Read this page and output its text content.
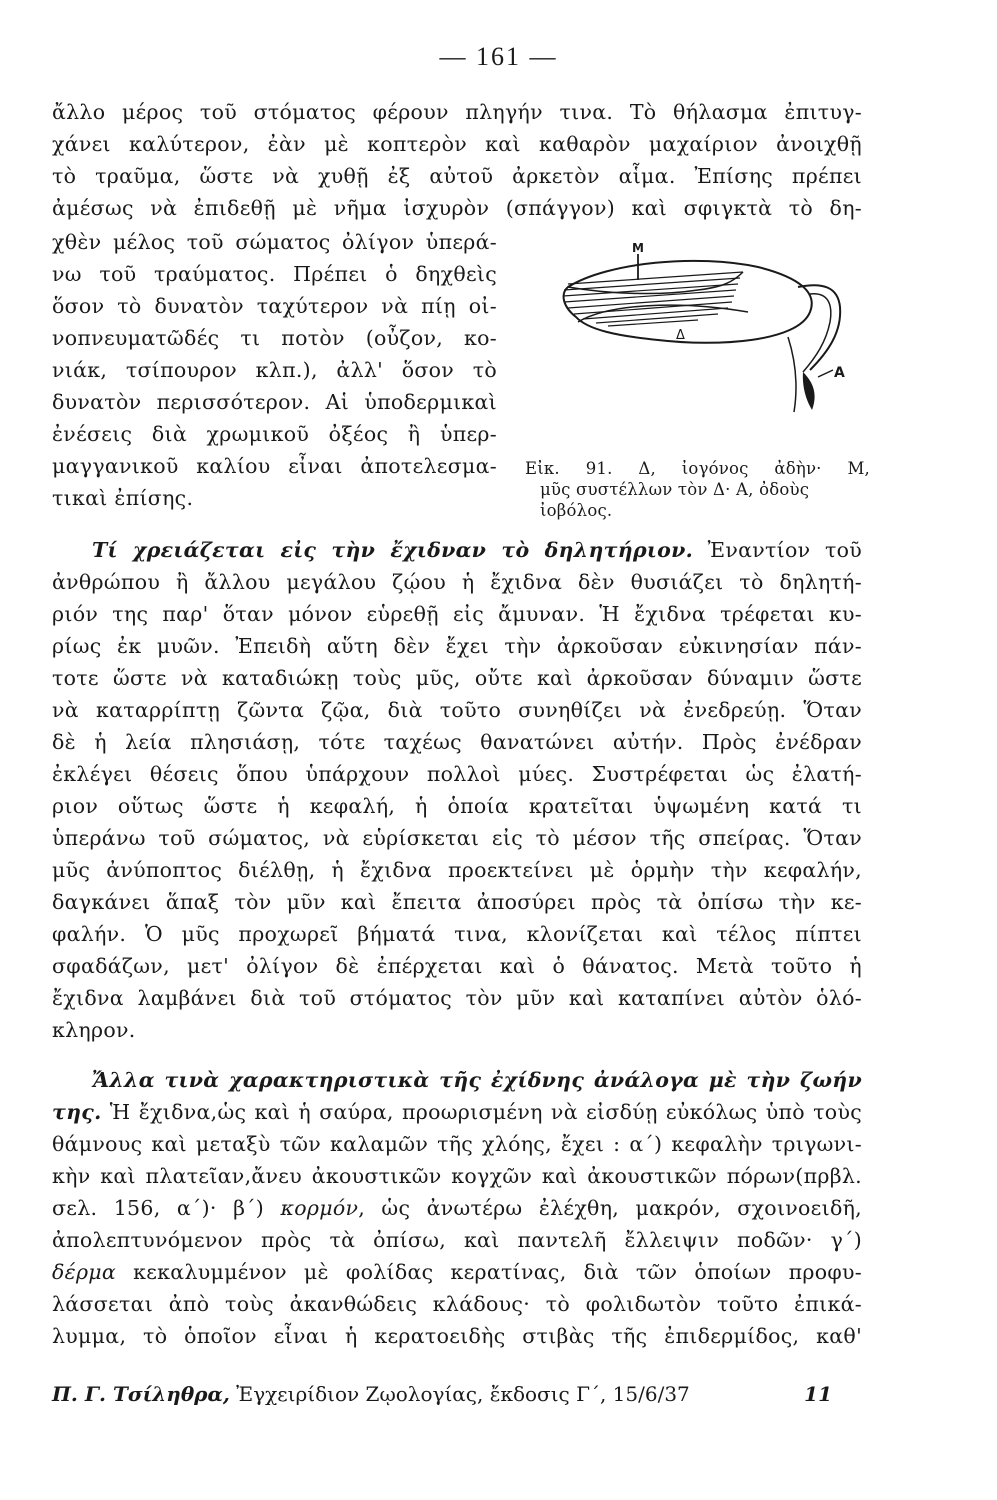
— 161 —
ἄλλο μέρος τοῦ στόματος φέρουν πληγήν τινα. Τὸ θήλασμα ἐπιτυγ-
χάνει καλύτερον, ἐὰν μὲ κοπτερὸν καὶ καθαρὸν μαχαίριον ἀνοιχθῇ
τὸ τραῦμα, ὥστε νὰ χυθῇ ἐξ αὐτοῦ ἀρκετὸν αἷμα. Ἐπίσης πρέπει
ἀμέσως νὰ ἐπιδεθῇ μὲ νῆμα ἰσχυρὸν (σπάγγον) καὶ σφιγκτὰ τὸ δη-
χθὲν μέλος τοῦ σώματος ὀλίγον ὑπερά-
νω τοῦ τραύματος. Πρέπει ὁ δηχθεὶς
ὅσον τὸ δυνατὸν ταχύτερον νὰ πίῃ οἰ-
νοπνευματῶδές τι ποτὸν (οὖζον, κο-
νιάκ, τσίπουρον κλπ.), ἀλλ' ὅσον τὸ
δυνατὸν περισσότερον. Αἱ ὑποδερμικαὶ
ἐνέσεις διὰ χρωμικοῦ ὀξέος ἢ ὑπερ-
μαγγανικοῦ καλίου εἶναι ἀποτελεσμα-
τικαὶ ἐπίσης.
M
A
Δ
Εἰκ. 91. Δ, ἰογόνος ἀδὴν· Μ,
μῦς συστέλλων τὸν Δ· Α, ὀδοὺς
ἰοβόλος.
Τί χρειάζεται εἰς τὴν ἔχιδναν τὸ δηλητήριον. Ἐναντίον τοῦ
ἀνθρώπου ἢ ἄλλου μεγάλου ζῴου ἡ ἔχιδνα δὲν θυσιάζει τὸ δηλητή-
ριόν της παρ' ὅταν μόνον εὑρεθῇ εἰς ἄμυναν. Ἡ ἔχιδνα τρέφεται κυ-
ρίως ἐκ μυῶν. Ἐπειδὴ αὕτη δὲν ἔχει τὴν ἀρκοῦσαν εὐκινησίαν πάν-
τοτε ὥστε νὰ καταδιώκῃ τοὺς μῦς, οὔτε καὶ ἀρκοῦσαν δύναμιν ὥστε
νὰ καταρρίπτῃ ζῶντα ζῷα, διὰ τοῦτο συνηθίζει νὰ ἐνεδρεύῃ. Ὅταν
δὲ ἡ λεία πλησιάσῃ, τότε ταχέως θανατώνει αὐτήν. Πρὸς ἐνέδραν
ἐκλέγει θέσεις ὅπου ὑπάρχουν πολλοὶ μύες. Συστρέφεται ὡς ἐλατή-
ριον οὕτως ὥστε ἡ κεφαλή, ἡ ὁποία κρατεῖται ὑψωμένη κατά τι
ὑπεράνω τοῦ σώματος, νὰ εὑρίσκεται εἰς τὸ μέσον τῆς σπείρας. Ὅταν
μῦς ἀνύποπτος διέλθῃ, ἡ ἔχιδνα προεκτείνει μὲ ὁρμὴν τὴν κεφαλήν,
δαγκάνει ἅπαξ τὸν μῦν καὶ ἔπειτα ἀποσύρει πρὸς τὰ ὀπίσω τὴν κε-
φαλήν. Ὁ μῦς προχωρεῖ βήματά τινα, κλονίζεται καὶ τέλος πίπτει
σφαδάζων, μετ' ὀλίγον δὲ ἐπέρχεται καὶ ὁ θάνατος. Μετὰ τοῦτο ἡ
ἔχιδνα λαμβάνει διὰ τοῦ στόματος τὸν μῦν καὶ καταπίνει αὐτὸν ὁλό-
κληρον.
Ἄλλα τινὰ χαρακτηριστικὰ τῆς ἐχίδνης ἀνάλογα μὲ τὴν ζωήν
της. Ἡ ἔχιδνα,ὡς καὶ ἡ σαύρα, προωρισμένη νὰ εἰσδύῃ εὐκόλως ὑπὸ τοὺς
θάμνους καὶ μεταξὺ τῶν καλαμῶν τῆς χλόης, ἔχει : α΄) κεφαλὴν τριγωνι-
κὴν καὶ πλατεῖαν,ἄνευ ἀκουστικῶν κογχῶν καὶ ἀκουστικῶν πόρων(πρβλ.
σελ. 156, α΄)· β΄) κορμόν, ὡς ἀνωτέρω ἐλέχθη, μακρόν, σχοινοειδῆ,
ἀπολεπτυνόμενον πρὸς τὰ ὀπίσω, καὶ παντελῆ ἔλλειψιν ποδῶν· γ΄)
δέρμα κεκαλυμμένον μὲ φολίδας κερατίνας, διὰ τῶν ὁποίων προφυ-
λάσσεται ἀπὸ τοὺς ἀκανθώδεις κλάδους· τὸ φολιδωτὸν τοῦτο ἐπικά-
λυμμα, τὸ ὁποῖον εἶναι ἡ κερατοειδὴς στιβὰς τῆς ἐπιδερμίδος, καθ'
Π. Γ. Τσίληθρα, Ἐγχειρίδιον Ζῳολογίας, ἔκδοσις Γ΄, 15/6/37	11
